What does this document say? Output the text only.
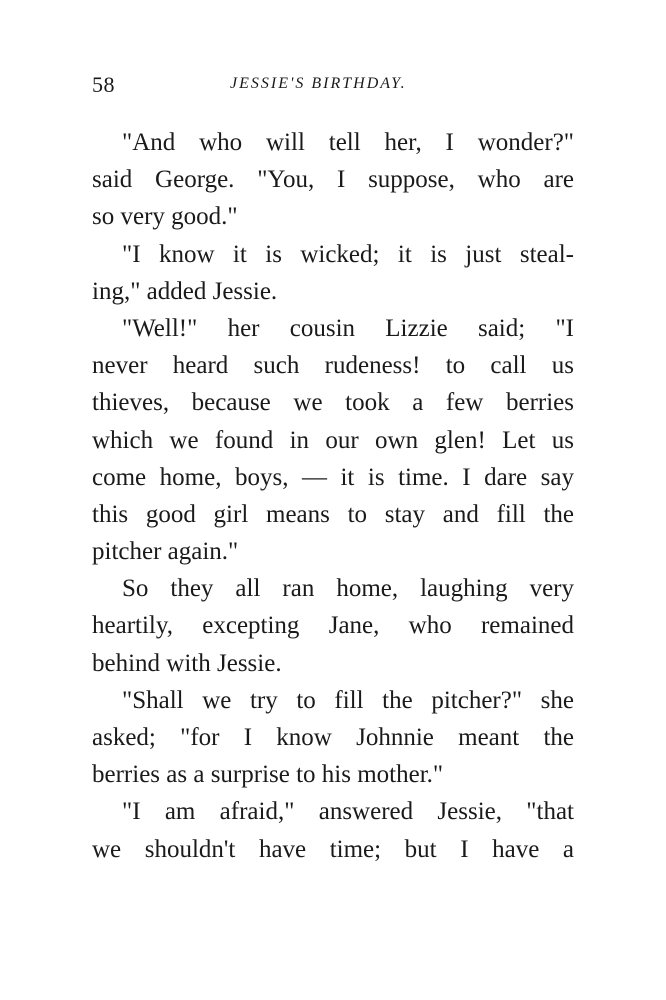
58	JESSIE'S BIRTHDAY.
"And who will tell her, I wonder?"
said George. "You, I suppose, who are
so very good."
"I know it is wicked; it is just steal-
ing," added Jessie.
"Well!" her cousin Lizzie said; "I
never heard such rudeness! to call us
thieves, because we took a few berries
which we found in our own glen! Let us
come home, boys, — it is time. I dare say
this good girl means to stay and fill the
pitcher again."
So they all ran home, laughing very
heartily, excepting Jane, who remained
behind with Jessie.
"Shall we try to fill the pitcher?" she
asked; "for I know Johnnie meant the
berries as a surprise to his mother."
"I am afraid," answered Jessie, "that
we shouldn't have time; but I have a
